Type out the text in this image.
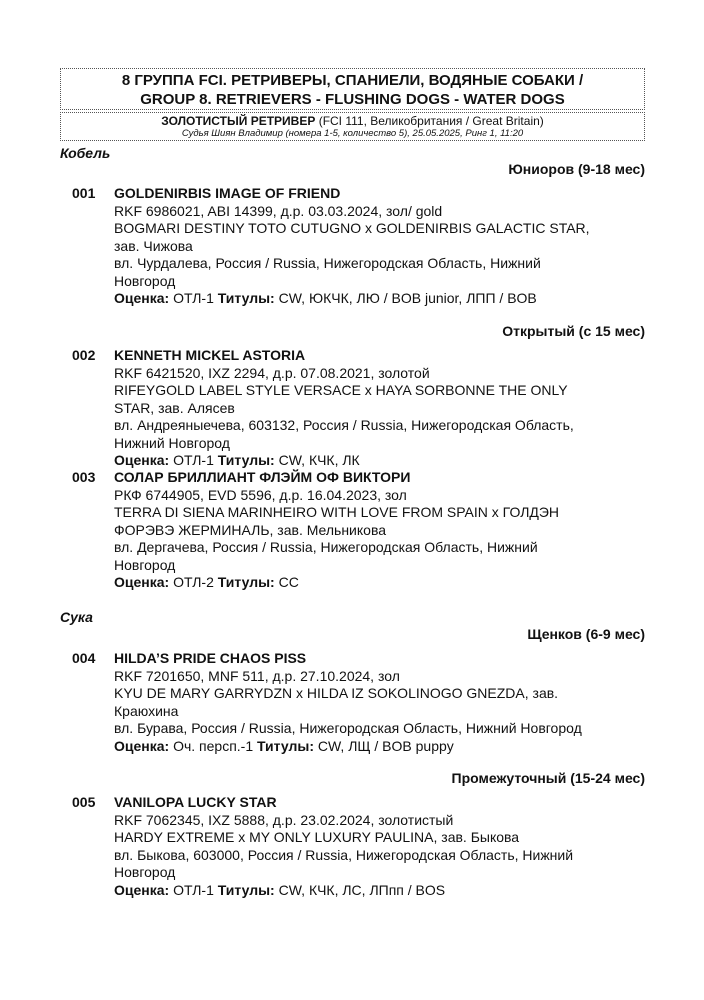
8 ГРУППА FCI. РЕТРИВЕРЫ, СПАНИЕЛИ, ВОДЯНЫЕ СОБАКИ /
GROUP 8. RETRIEVERS - FLUSHING DOGS - WATER DOGS
ЗОЛОТИСТЫЙ РЕТРИВЕР (FCI 111, Великобритания / Great Britain)
Судья Шиян Владимир (номера 1-5, количество 5), 25.05.2025, Ринг 1, 11:20
Кобель
Юниоров (9-18 мес)
001 GOLDENIRBIS IMAGE OF FRIEND
RKF 6986021, ABI 14399, д.р. 03.03.2024, зол/ gold
BOGMARI DESTINY TOTO CUTUGNO x GOLDENIRBIS GALACTIC STAR,
зав. Чижова
вл. Чурдалева, Россия / Russia, Нижегородская Область, Нижний
Новгород
Оценка: ОТЛ-1 Титулы: CW, ЮКЧК, ЛЮ / BOB junior, ЛПП / BOB
Открытый (с 15 мес)
002 KENNETH MICKEL ASTORIA
RKF 6421520, IXZ 2294, д.р. 07.08.2021, золотой
RIFEYGOLD LABEL STYLE VERSACE x HAYA SORBONNE THE ONLY
STAR, зав. Алясев
вл. Андреяныечева, 603132, Россия / Russia, Нижегородская Область,
Нижний Новгород
Оценка: ОТЛ-1 Титулы: CW, КЧК, ЛК
003 СОЛАР БРИЛЛИАНТ ФЛЭЙМ ОФ ВИКТОРИ
РКФ 6744905, EVD 5596, д.р. 16.04.2023, зол
TERRA DI SIENA MARINHEIRO WITH LOVE FROM SPAIN x ГОЛДЭН
ФОРЭВЭ ЖЕРМИНАЛЬ, зав. Мельникова
вл. Дергачева, Россия / Russia, Нижегородская Область, Нижний
Новгород
Оценка: ОТЛ-2 Титулы: CC
Сука
Щенков (6-9 мес)
004 HILDA’S PRIDE CHAOS PISS
RKF 7201650, MNF 511, д.р. 27.10.2024, зол
KYU DE MARY GARRYDZN x HILDA IZ SOKOLINOGO GNEZDA, зав.
Краюхина
вл. Бурава, Россия / Russia, Нижегородская Область, Нижний Новгород
Оценка: Оч. персп.-1 Титулы: CW, ЛЩ / BOB puppy
Промежуточный (15-24 мес)
005 VANILOPA LUCKY STAR
RKF 7062345, IXZ 5888, д.р. 23.02.2024, золотистый
HARDY EXTREME x MY ONLY LUXURY PAULINA, зав. Быкова
вл. Быкова, 603000, Россия / Russia, Нижегородская Область, Нижний
Новгород
Оценка: ОТЛ-1 Титулы: CW, КЧК, ЛС, ЛПпп / BOS
